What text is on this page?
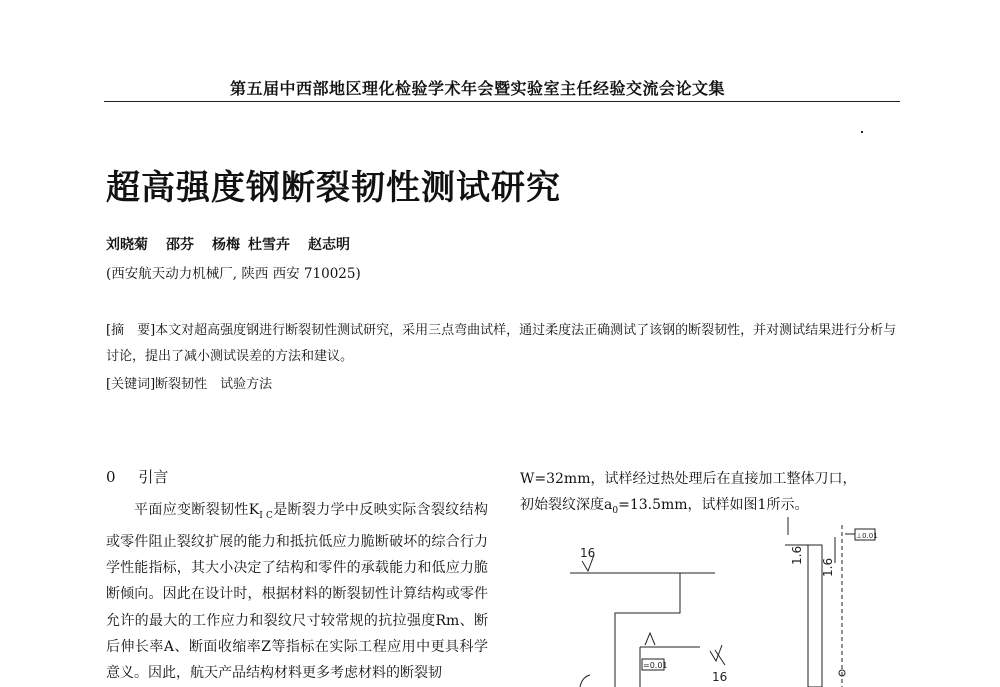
第五届中西部地区理化检验学术年会暨实验室主任经验交流会论文集
超高强度钢断裂韧性测试研究
刘晓菊 邵芬 杨梅 杜雪卉 赵志明
(西安航天动力机械厂, 陕西 西安 710025)
[摘　要]本文对超高强度钢进行断裂韧性测试研究，采用三点弯曲试样，通过柔度法正确测试了该钢的断裂韧性，并对测试结果进行分析与讨论，提出了减小测试误差的方法和建议。
[关键词]断裂韧性　试验方法
0 引言

平面应变断裂韧性$K_{I C}$是断裂力学中反映实际含裂纹结构或零件阻止裂纹扩展的能力和抵抗低应力脆断破坏的综合行力学性能指标，其大小决定了结构和零件的承载能力和低应力脆断倾向。因此在设计时，根据材料的断裂韧性计算结构或零件允许的最大的工作应力和裂纹尺寸较常规的抗拉强度Rm、断后伸长率A、断面收缩率Z等指标在实际工程应用中更具科学意义。因此，航天产品结构材料更多考虑材料的断裂韧

W=32mm，试样经过热处理后在直接加工整体刀口，

初始裂纹深度$a_0=13.5mm$，试样如图1所示。

16
16
=0.01
1.6
1.6
⊥0.01
